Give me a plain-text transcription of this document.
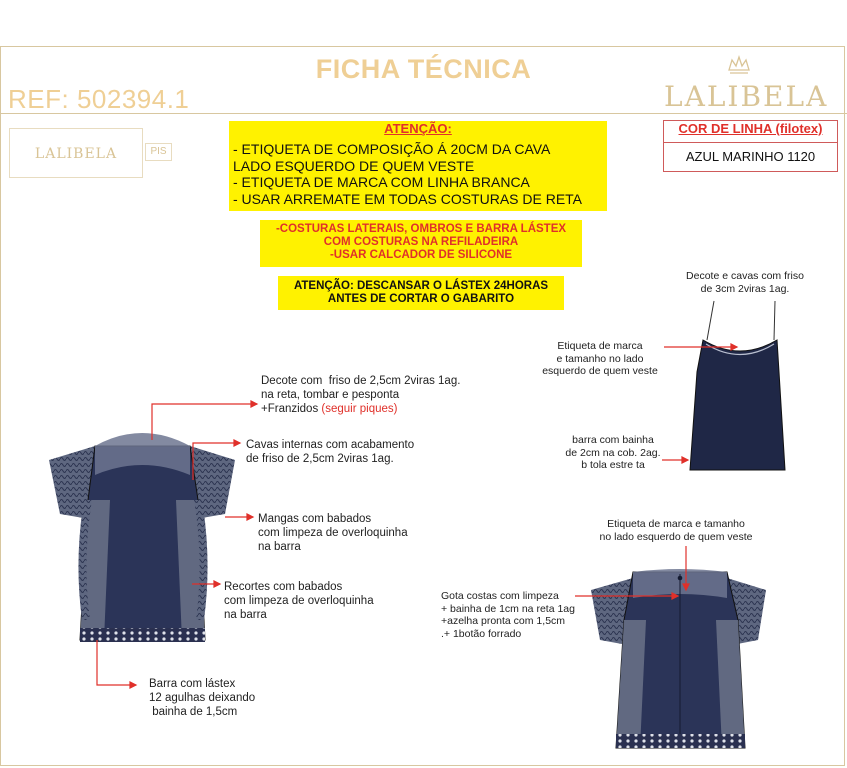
FICHA TÉCNICA
REF: 502394.1	LALIBELA
LALIBELA	PIS
ATENÇÃO:
- ETIQUETA DE COMPOSIÇÃO Á 20CM DA CAVA
LADO ESQUERDO DE QUEM VESTE
- ETIQUETA DE MARCA COM LINHA BRANCA
- USAR ARREMATE EM TODAS COSTURAS DE RETA
-COSTURAS LATERAIS, OMBROS E BARRA LÁSTEX
COM COSTURAS NA REFILADEIRA
-USAR CALCADOR DE SILICONE
ATENÇÃO: DESCANSAR O LÁSTEX 24HORAS
ANTES DE CORTAR O GABARITO
COR DE LINHA (filotex)
AZUL MARINHO 1120
Decote e cavas com friso
de 3cm 2viras 1ag.
Etiqueta de marca
e tamanho no lado
esquerdo de quem veste
barra com bainha
de 2cm na cob. 2ag.
b tola estre ta
Decote com  friso de 2,5cm 2viras 1ag.
na reta, tombar e pesponta
+Franzidos (seguir piques)
Cavas internas com acabamento
de friso de 2,5cm 2viras 1ag.
Mangas com babados
com limpeza de overloquinha
na barra
Recortes com babados
com limpeza de overloquinha
na barra
Barra com lástex
12 agulhas deixando
bainha de 1,5cm
Etiqueta de marca e tamanho
no lado esquerdo de quem veste
Gota costas com limpeza
+ bainha de 1cm na reta 1ag
+azelha pronta com 1,5cm
.+ 1botão forrado
